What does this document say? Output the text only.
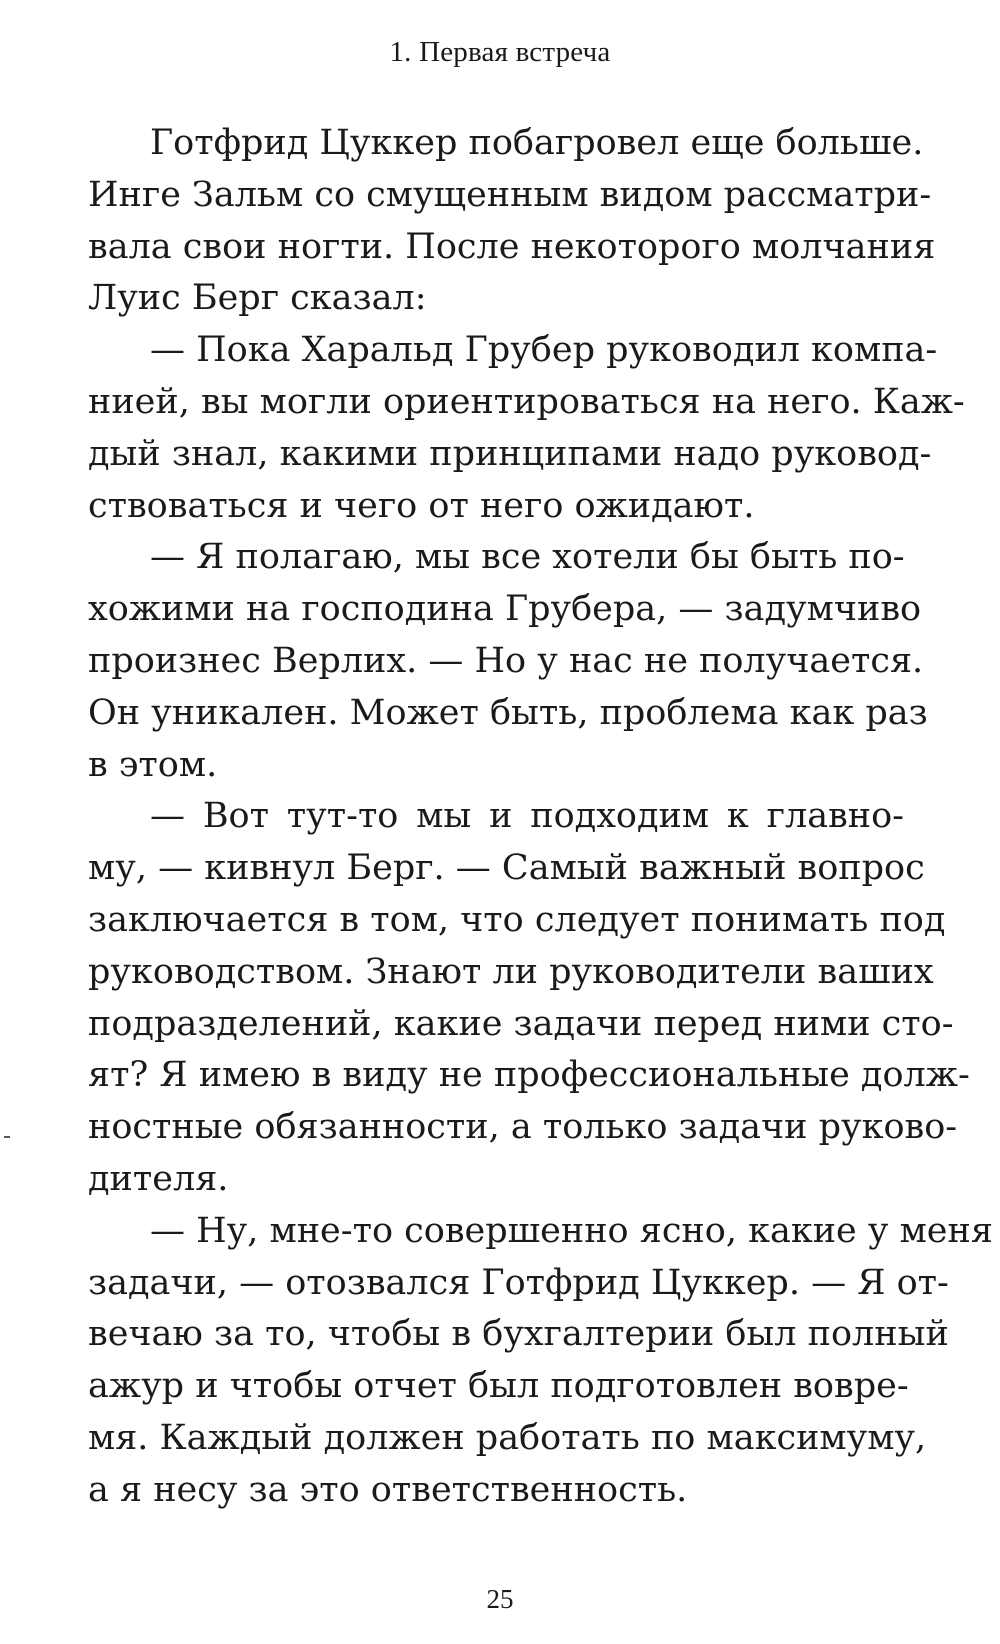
1. Первая встреча
Готфрид Цуккер побагровел еще больше.
Инге Зальм со смущенным видом рассматри-
вала свои ногти. После некоторого молчания
Луис Берг сказал:
— Пока Харальд Грубер руководил компа-
нией, вы могли ориентироваться на него. Каж-
дый знал, какими принципами надо руковод-
ствоваться и чего от него ожидают.
— Я полагаю, мы все хотели бы быть по-
хожими на господина Грубера, — задумчиво
произнес Верлих. — Но у нас не получается.
Он уникален. Может быть, проблема как раз
в этом.
— Вот тут-то мы и подходим к главно-
му, — кивнул Берг. — Самый важный вопрос
заключается в том, что следует понимать под
руководством. Знают ли руководители ваших
подразделений, какие задачи перед ними сто-
ят? Я имею в виду не профессиональные долж-
ностные обязанности, а только задачи руково-
дителя.
— Ну, мне-то совершенно ясно, какие у меня
задачи, — отозвался Готфрид Цуккер. — Я от-
вечаю за то, чтобы в бухгалтерии был полный
ажур и чтобы отчет был подготовлен вовре-
мя. Каждый должен работать по максимуму,
а я несу за это ответственность.
25
